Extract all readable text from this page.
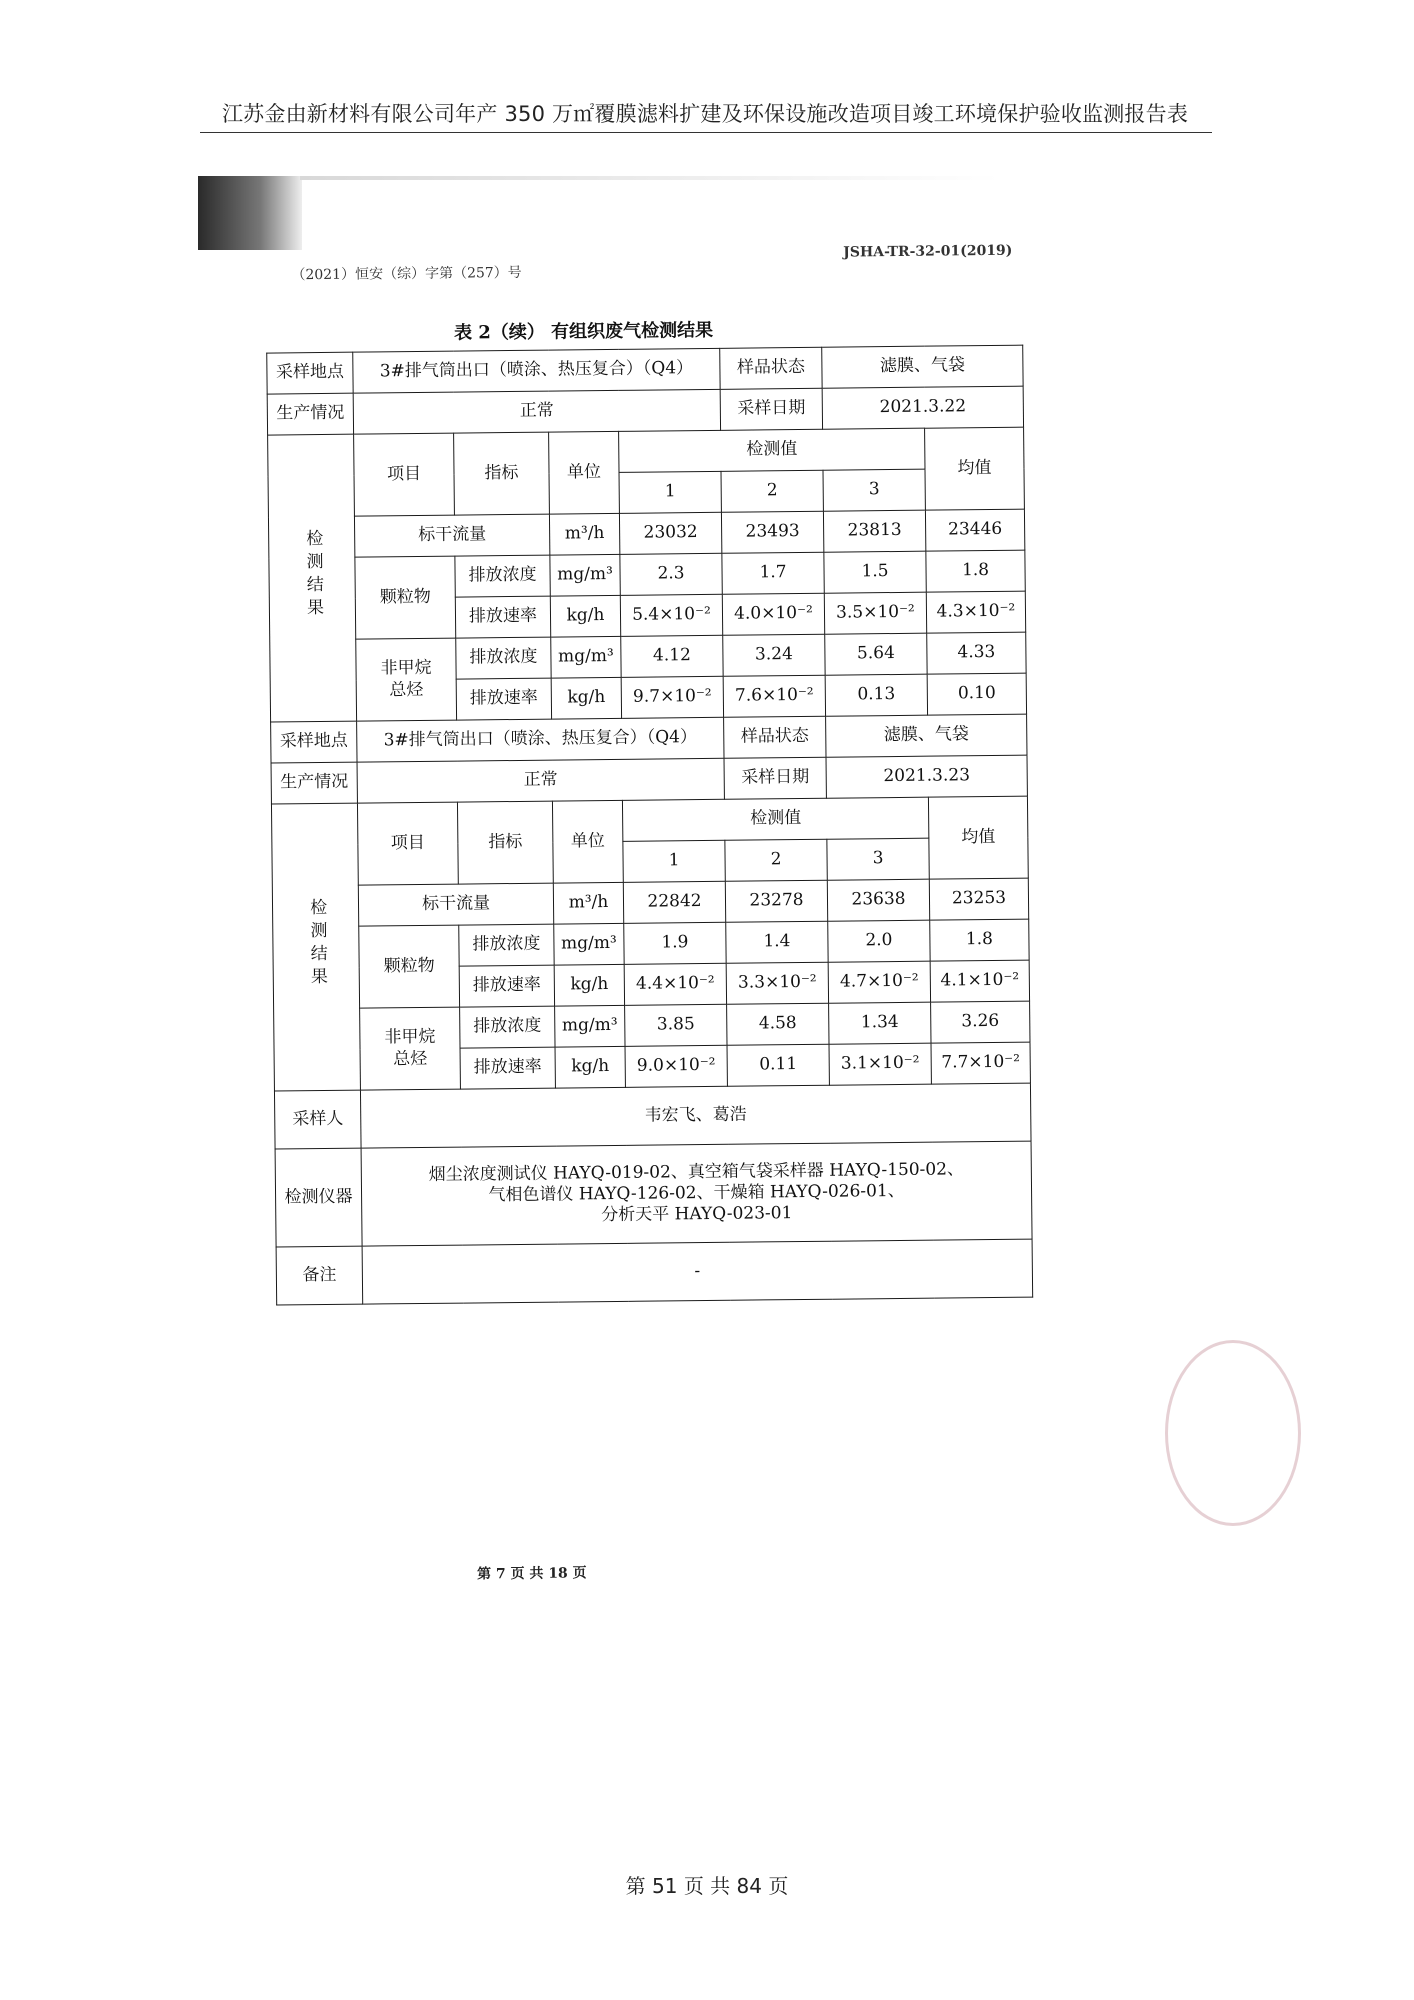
江苏金由新材料有限公司年产 350 万㎡覆膜滤料扩建及环保设施改造项目竣工环境保护验收监测报告表
（2021）恒安（综）字第（257）号
JSHA-TR-32-01(2019)
表 2（续） 有组织废气检测结果
采样地点	3#排气筒出口（喷涂、热压复合）（Q4）				样品状态	滤膜、气袋	
生产情况	正常				采样日期	2021.3.22	
检测结果	项目	指标	单位	检测值			均值
				1	2	3	
	标干流量		m³/h	23032	23493	23813	23446
	颗粒物	排放浓度	mg/m³	2.3	1.7	1.5	1.8
		排放速率	kg/h	5.4×10⁻²	4.0×10⁻²	3.5×10⁻²	4.3×10⁻²
	非甲烷总烃	排放浓度	mg/m³	4.12	3.24	5.64	4.33
		排放速率	kg/h	9.7×10⁻²	7.6×10⁻²	0.13	0.10
采样地点	3#排气筒出口（喷涂、热压复合）（Q4）				样品状态	滤膜、气袋	
生产情况	正常				采样日期	2021.3.23	
检测结果	项目	指标	单位	检测值			均值
				1	2	3	
	标干流量		m³/h	22842	23278	23638	23253
	颗粒物	排放浓度	mg/m³	1.9	1.4	2.0	1.8
		排放速率	kg/h	4.4×10⁻²	3.3×10⁻²	4.7×10⁻²	4.1×10⁻²
	非甲烷总烃	排放浓度	mg/m³	3.85	4.58	1.34	3.26
		排放速率	kg/h	9.0×10⁻²	0.11	3.1×10⁻²	7.7×10⁻²
采样人	韦宏飞、葛浩						
检测仪器	烟尘浓度测试仪 HAYQ-019-02、真空箱气袋采样器 HAYQ-150-02、
气相色谱仪 HAYQ-126-02、干燥箱 HAYQ-026-01、
分析天平 HAYQ-023-01						

备注	-						
第 7 页 共 18 页
第 51 页 共 84 页
